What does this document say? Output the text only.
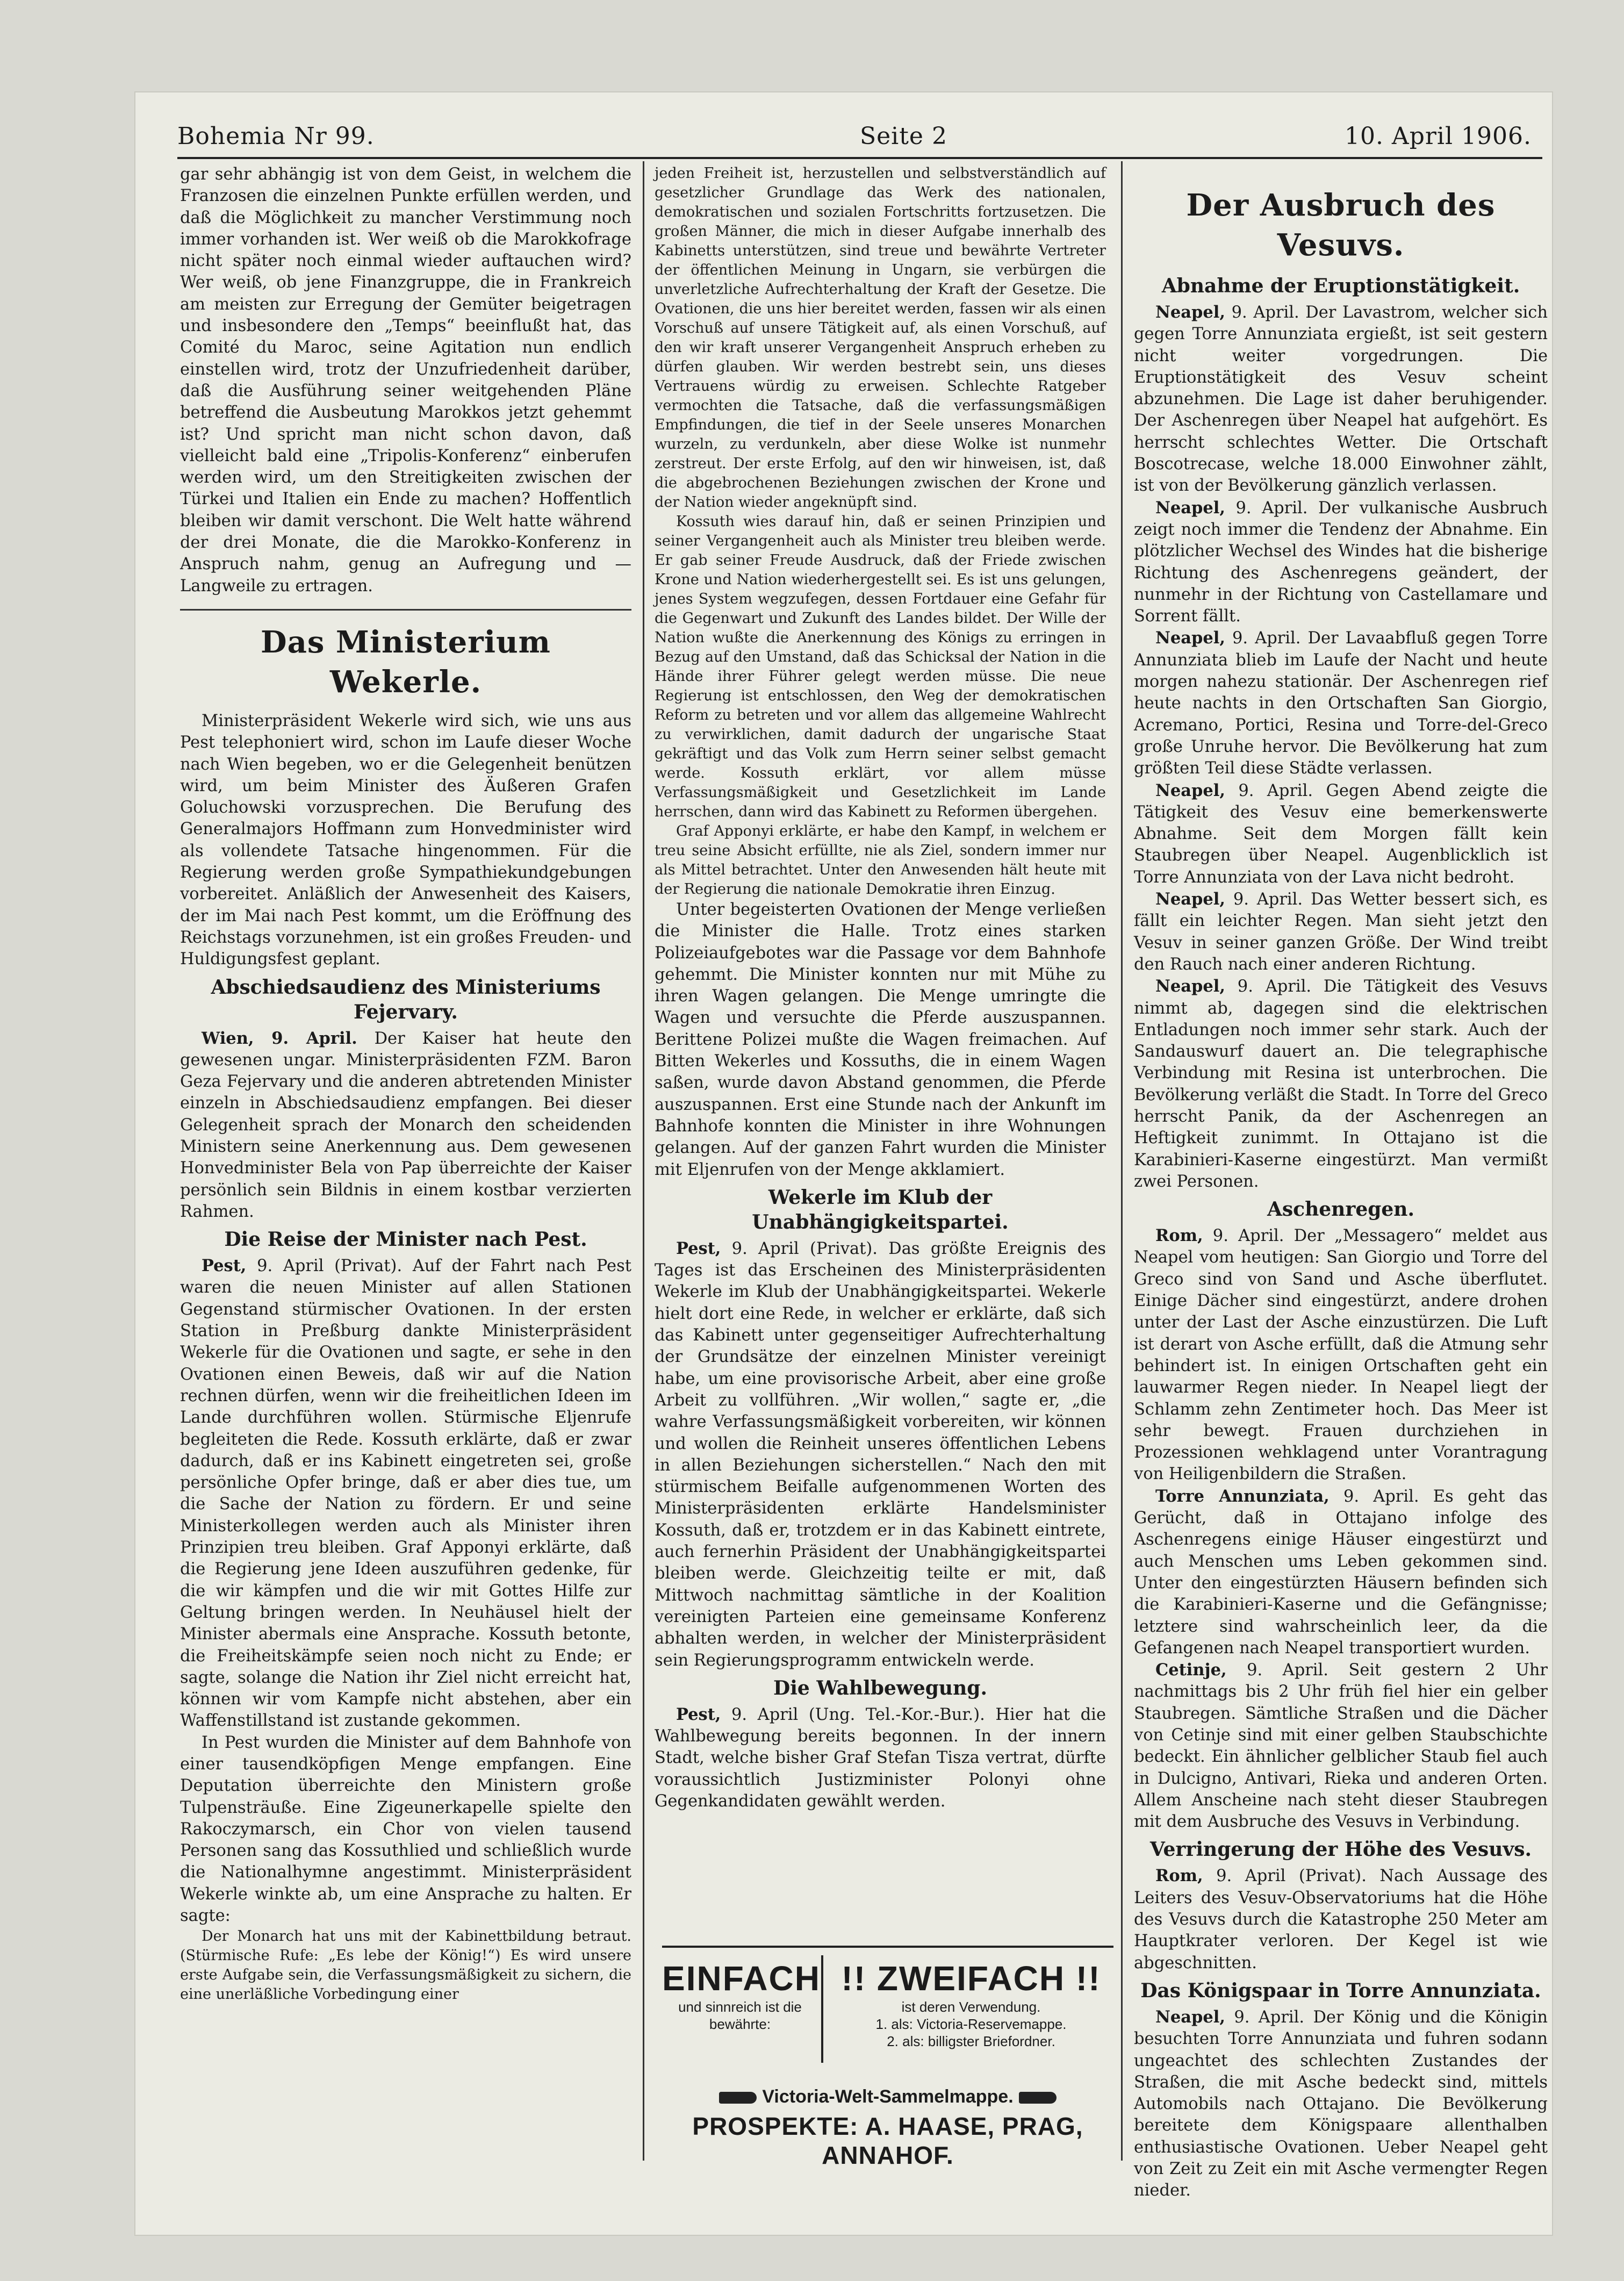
Bohemia Nr 99.	Seite 2	10. April 1906.

gar sehr abhängig ist von dem Geist, in welchem die Franzosen die einzelnen Punkte erfüllen werden, und daß die Möglichkeit zu mancher Verstimmung noch immer vorhanden ist. Wer weiß ob die Marokkofrage nicht später noch einmal wieder auftauchen wird? Wer weiß, ob jene Finanzgruppe, die in Frankreich am meisten zur Erregung der Gemüter beigetragen und insbesondere den „Temps“ beeinflußt hat, das Comité du Maroc, seine Agitation nun endlich einstellen wird, trotz der Unzufriedenheit darüber, daß die Ausführung seiner weitgehenden Pläne betreffend die Ausbeutung Marokkos jetzt gehemmt ist? Und spricht man nicht schon davon, daß vielleicht bald eine „Tripolis-Konferenz“ einberufen werden wird, um den Streitigkeiten zwischen der Türkei und Italien ein Ende zu machen? Hoffentlich bleiben wir damit verschont. Die Welt hatte während der drei Monate, die die Marokko-Konferenz in Anspruch nahm, genug an Aufregung und — Langweile zu ertragen.

Das Ministerium Wekerle.

Ministerpräsident Wekerle wird sich, wie uns aus Pest telephoniert wird, schon im Laufe dieser Woche nach Wien begeben, wo er die Gelegenheit benützen wird, um beim Minister des Äußeren Grafen Goluchowski vorzusprechen. Die Berufung des Generalmajors Hoffmann zum Honvedminister wird als vollendete Tatsache hingenommen. Für die Regierung werden große Sympathiekundgebungen vorbereitet. Anläßlich der Anwesenheit des Kaisers, der im Mai nach Pest kommt, um die Eröffnung des Reichstags vorzunehmen, ist ein großes Freuden- und Huldigungsfest geplant.

Abschiedsaudienz des Ministeriums Fejervary.

Wien, 9. April. Der Kaiser hat heute den gewesenen ungar. Ministerpräsidenten FZM. Baron Geza Fejervary und die anderen abtretenden Minister einzeln in Abschiedsaudienz empfangen. Bei dieser Gelegenheit sprach der Monarch den scheidenden Ministern seine Anerkennung aus. Dem gewesenen Honvedminister Bela von Pap überreichte der Kaiser persönlich sein Bildnis in einem kostbar verzierten Rahmen.

Die Reise der Minister nach Pest.

Pest, 9. April (Privat). Auf der Fahrt nach Pest waren die neuen Minister auf allen Stationen Gegenstand stürmischer Ovationen. In der ersten Station in Preßburg dankte Ministerpräsident Wekerle für die Ovationen und sagte, er sehe in den Ovationen einen Beweis, daß wir auf die Nation rechnen dürfen, wenn wir die freiheitlichen Ideen im Lande durchführen wollen. Stürmische Eljenrufe begleiteten die Rede. Kossuth erklärte, daß er zwar dadurch, daß er ins Kabinett eingetreten sei, große persönliche Opfer bringe, daß er aber dies tue, um die Sache der Nation zu fördern. Er und seine Ministerkollegen werden auch als Minister ihren Prinzipien treu bleiben. Graf Apponyi erklärte, daß die Regierung jene Ideen auszuführen gedenke, für die wir kämpfen und die wir mit Gottes Hilfe zur Geltung bringen werden. In Neuhäusel hielt der Minister abermals eine Ansprache. Kossuth betonte, die Freiheitskämpfe seien noch nicht zu Ende; er sagte, solange die Nation ihr Ziel nicht erreicht hat, können wir vom Kampfe nicht abstehen, aber ein Waffenstillstand ist zustande gekommen.

In Pest wurden die Minister auf dem Bahnhofe von einer tausendköpfigen Menge empfangen. Eine Deputation überreichte den Ministern große Tulpensträuße. Eine Zigeunerkapelle spielte den Rakoczymarsch, ein Chor von vielen tausend Personen sang das Kossuthlied und schließlich wurde die Nationalhymne angestimmt. Ministerpräsident Wekerle winkte ab, um eine Ansprache zu halten. Er sagte:

Der Monarch hat uns mit der Kabinettbildung betraut. (Stürmische Rufe: „Es lebe der König!“) Es wird unsere erste Aufgabe sein, die Verfassungsmäßigkeit zu sichern, die eine unerläßliche Vorbedingung einer

jeden Freiheit ist, herzustellen und selbstverständlich auf gesetzlicher Grundlage das Werk des nationalen, demokratischen und sozialen Fortschritts fortzusetzen. Die großen Männer, die mich in dieser Aufgabe innerhalb des Kabinetts unterstützen, sind treue und bewährte Vertreter der öffentlichen Meinung in Ungarn, sie verbürgen die unverletzliche Aufrechterhaltung der Kraft der Gesetze. Die Ovationen, die uns hier bereitet werden, fassen wir als einen Vorschuß auf unsere Tätigkeit auf, als einen Vorschuß, auf den wir kraft unserer Vergangenheit Anspruch erheben zu dürfen glauben. Wir werden bestrebt sein, uns dieses Vertrauens würdig zu erweisen. Schlechte Ratgeber vermochten die Tatsache, daß die verfassungsmäßigen Empfindungen, die tief in der Seele unseres Monarchen wurzeln, zu verdunkeln, aber diese Wolke ist nunmehr zerstreut. Der erste Erfolg, auf den wir hinweisen, ist, daß die abgebrochenen Beziehungen zwischen der Krone und der Nation wieder angeknüpft sind.

Kossuth wies darauf hin, daß er seinen Prinzipien und seiner Vergangenheit auch als Minister treu bleiben werde. Er gab seiner Freude Ausdruck, daß der Friede zwischen Krone und Nation wiederhergestellt sei. Es ist uns gelungen, jenes System wegzufegen, dessen Fortdauer eine Gefahr für die Gegenwart und Zukunft des Landes bildet. Der Wille der Nation wußte die Anerkennung des Königs zu erringen in Bezug auf den Umstand, daß das Schicksal der Nation in die Hände ihrer Führer gelegt werden müsse. Die neue Regierung ist entschlossen, den Weg der demokratischen Reform zu betreten und vor allem das allgemeine Wahlrecht zu verwirklichen, damit dadurch der ungarische Staat gekräftigt und das Volk zum Herrn seiner selbst gemacht werde. Kossuth erklärt, vor allem müsse Verfassungsmäßigkeit und Gesetzlichkeit im Lande herrschen, dann wird das Kabinett zu Reformen übergehen.

Graf Apponyi erklärte, er habe den Kampf, in welchem er treu seine Absicht erfüllte, nie als Ziel, sondern immer nur als Mittel betrachtet. Unter den Anwesenden hält heute mit der Regierung die nationale Demokratie ihren Einzug.

Unter begeisterten Ovationen der Menge verließen die Minister die Halle. Trotz eines starken Polizeiaufgebotes war die Passage vor dem Bahnhofe gehemmt. Die Minister konnten nur mit Mühe zu ihren Wagen gelangen. Die Menge umringte die Wagen und versuchte die Pferde auszuspannen. Berittene Polizei mußte die Wagen freimachen. Auf Bitten Wekerles und Kossuths, die in einem Wagen saßen, wurde davon Abstand genommen, die Pferde auszuspannen. Erst eine Stunde nach der Ankunft im Bahnhofe konnten die Minister in ihre Wohnungen gelangen. Auf der ganzen Fahrt wurden die Minister mit Eljenrufen von der Menge akklamiert.

Wekerle im Klub der Unabhängigkeitspartei.

Pest, 9. April (Privat). Das größte Ereignis des Tages ist das Erscheinen des Ministerpräsidenten Wekerle im Klub der Unabhängigkeitspartei. Wekerle hielt dort eine Rede, in welcher er erklärte, daß sich das Kabinett unter gegenseitiger Aufrechterhaltung der Grundsätze der einzelnen Minister vereinigt habe, um eine provisorische Arbeit, aber eine große Arbeit zu vollführen. „Wir wollen,“ sagte er, „die wahre Verfassungsmäßigkeit vorbereiten, wir können und wollen die Reinheit unseres öffentlichen Lebens in allen Beziehungen sicherstellen.“ Nach den mit stürmischem Beifalle aufgenommenen Worten des Ministerpräsidenten erklärte Handelsminister Kossuth, daß er, trotzdem er in das Kabinett eintrete, auch fernerhin Präsident der Unabhängigkeitspartei bleiben werde. Gleichzeitig teilte er mit, daß Mittwoch nachmittag sämtliche in der Koalition vereinigten Parteien eine gemeinsame Konferenz abhalten werden, in welcher der Ministerpräsident sein Regierungsprogramm entwickeln werde.

Die Wahlbewegung.

Pest, 9. April (Ung. Tel.-Kor.-Bur.). Hier hat die Wahlbewegung bereits begonnen. In der innern Stadt, welche bisher Graf Stefan Tisza vertrat, dürfte voraussichtlich Justizminister Polonyi ohne Gegenkandidaten gewählt werden.

EINFACH
und sinnreich ist die bewährte:
!! ZWEIFACH !!
ist deren Verwendung.
1. als: Victoria-Reservemappe.
2. als: billigster Briefordner.
Victoria-Welt-Sammelmappe.
PROSPEKTE: A. HAASE, PRAG, ANNAHOF.
Der Ausbruch des Vesuvs.
Abnahme der Eruptionstätigkeit.

Neapel, 9. April. Der Lavastrom, welcher sich gegen Torre Annunziata ergießt, ist seit gestern nicht weiter vorgedrungen. Die Eruptionstätigkeit des Vesuv scheint abzunehmen. Die Lage ist daher beruhigender. Der Aschenregen über Neapel hat aufgehört. Es herrscht schlechtes Wetter. Die Ortschaft Boscotrecase, welche 18.000 Einwohner zählt, ist von der Bevölkerung gänzlich verlassen.

Neapel, 9. April. Der vulkanische Ausbruch zeigt noch immer die Tendenz der Abnahme. Ein plötzlicher Wechsel des Windes hat die bisherige Richtung des Aschenregens geändert, der nunmehr in der Richtung von Castellamare und Sorrent fällt.

Neapel, 9. April. Der Lavaabfluß gegen Torre Annunziata blieb im Laufe der Nacht und heute morgen nahezu stationär. Der Aschenregen rief heute nachts in den Ortschaften San Giorgio, Acremano, Portici, Resina und Torre-del-Greco große Unruhe hervor. Die Bevölkerung hat zum größten Teil diese Städte verlassen.

Neapel, 9. April. Gegen Abend zeigte die Tätigkeit des Vesuv eine bemerkenswerte Abnahme. Seit dem Morgen fällt kein Staubregen über Neapel. Augenblicklich ist Torre Annunziata von der Lava nicht bedroht.

Neapel, 9. April. Das Wetter bessert sich, es fällt ein leichter Regen. Man sieht jetzt den Vesuv in seiner ganzen Größe. Der Wind treibt den Rauch nach einer anderen Richtung.

Neapel, 9. April. Die Tätigkeit des Vesuvs nimmt ab, dagegen sind die elektrischen Entladungen noch immer sehr stark. Auch der Sandauswurf dauert an. Die telegraphische Verbindung mit Resina ist unterbrochen. Die Bevölkerung verläßt die Stadt. In Torre del Greco herrscht Panik, da der Aschenregen an Heftigkeit zunimmt. In Ottajano ist die Karabinieri-Kaserne eingestürzt. Man vermißt zwei Personen.

Aschenregen.

Rom, 9. April. Der „Messagero“ meldet aus Neapel vom heutigen: San Giorgio und Torre del Greco sind von Sand und Asche überflutet. Einige Dächer sind eingestürzt, andere drohen unter der Last der Asche einzustürzen. Die Luft ist derart von Asche erfüllt, daß die Atmung sehr behindert ist. In einigen Ortschaften geht ein lauwarmer Regen nieder. In Neapel liegt der Schlamm zehn Zentimeter hoch. Das Meer ist sehr bewegt. Frauen durchziehen in Prozessionen wehklagend unter Vorantragung von Heiligenbildern die Straßen.

Torre Annunziata, 9. April. Es geht das Gerücht, daß in Ottajano infolge des Aschenregens einige Häuser eingestürzt und auch Menschen ums Leben gekommen sind. Unter den eingestürzten Häusern befinden sich die Karabinieri-Kaserne und die Gefängnisse; letztere sind wahrscheinlich leer, da die Gefangenen nach Neapel transportiert wurden.

Cetinje, 9. April. Seit gestern 2 Uhr nachmittags bis 2 Uhr früh fiel hier ein gelber Staubregen. Sämtliche Straßen und die Dächer von Cetinje sind mit einer gelben Staubschichte bedeckt. Ein ähnlicher gelblicher Staub fiel auch in Dulcigno, Antivari, Rieka und anderen Orten. Allem Anscheine nach steht dieser Staubregen mit dem Ausbruche des Vesuvs in Verbindung.

Verringerung der Höhe des Vesuvs.

Rom, 9. April (Privat). Nach Aussage des Leiters des Vesuv-Observatoriums hat die Höhe des Vesuvs durch die Katastrophe 250 Meter am Hauptkrater verloren. Der Kegel ist wie abgeschnitten.

Das Königspaar in Torre Annunziata.

Neapel, 9. April. Der König und die Königin besuchten Torre Annunziata und fuhren sodann ungeachtet des schlechten Zustandes der Straßen, die mit Asche bedeckt sind, mittels Automobils nach Ottajano. Die Bevölkerung bereitete dem Königspaare allenthalben enthusiastische Ovationen. Ueber Neapel geht von Zeit zu Zeit ein mit Asche vermengter Regen nieder.
